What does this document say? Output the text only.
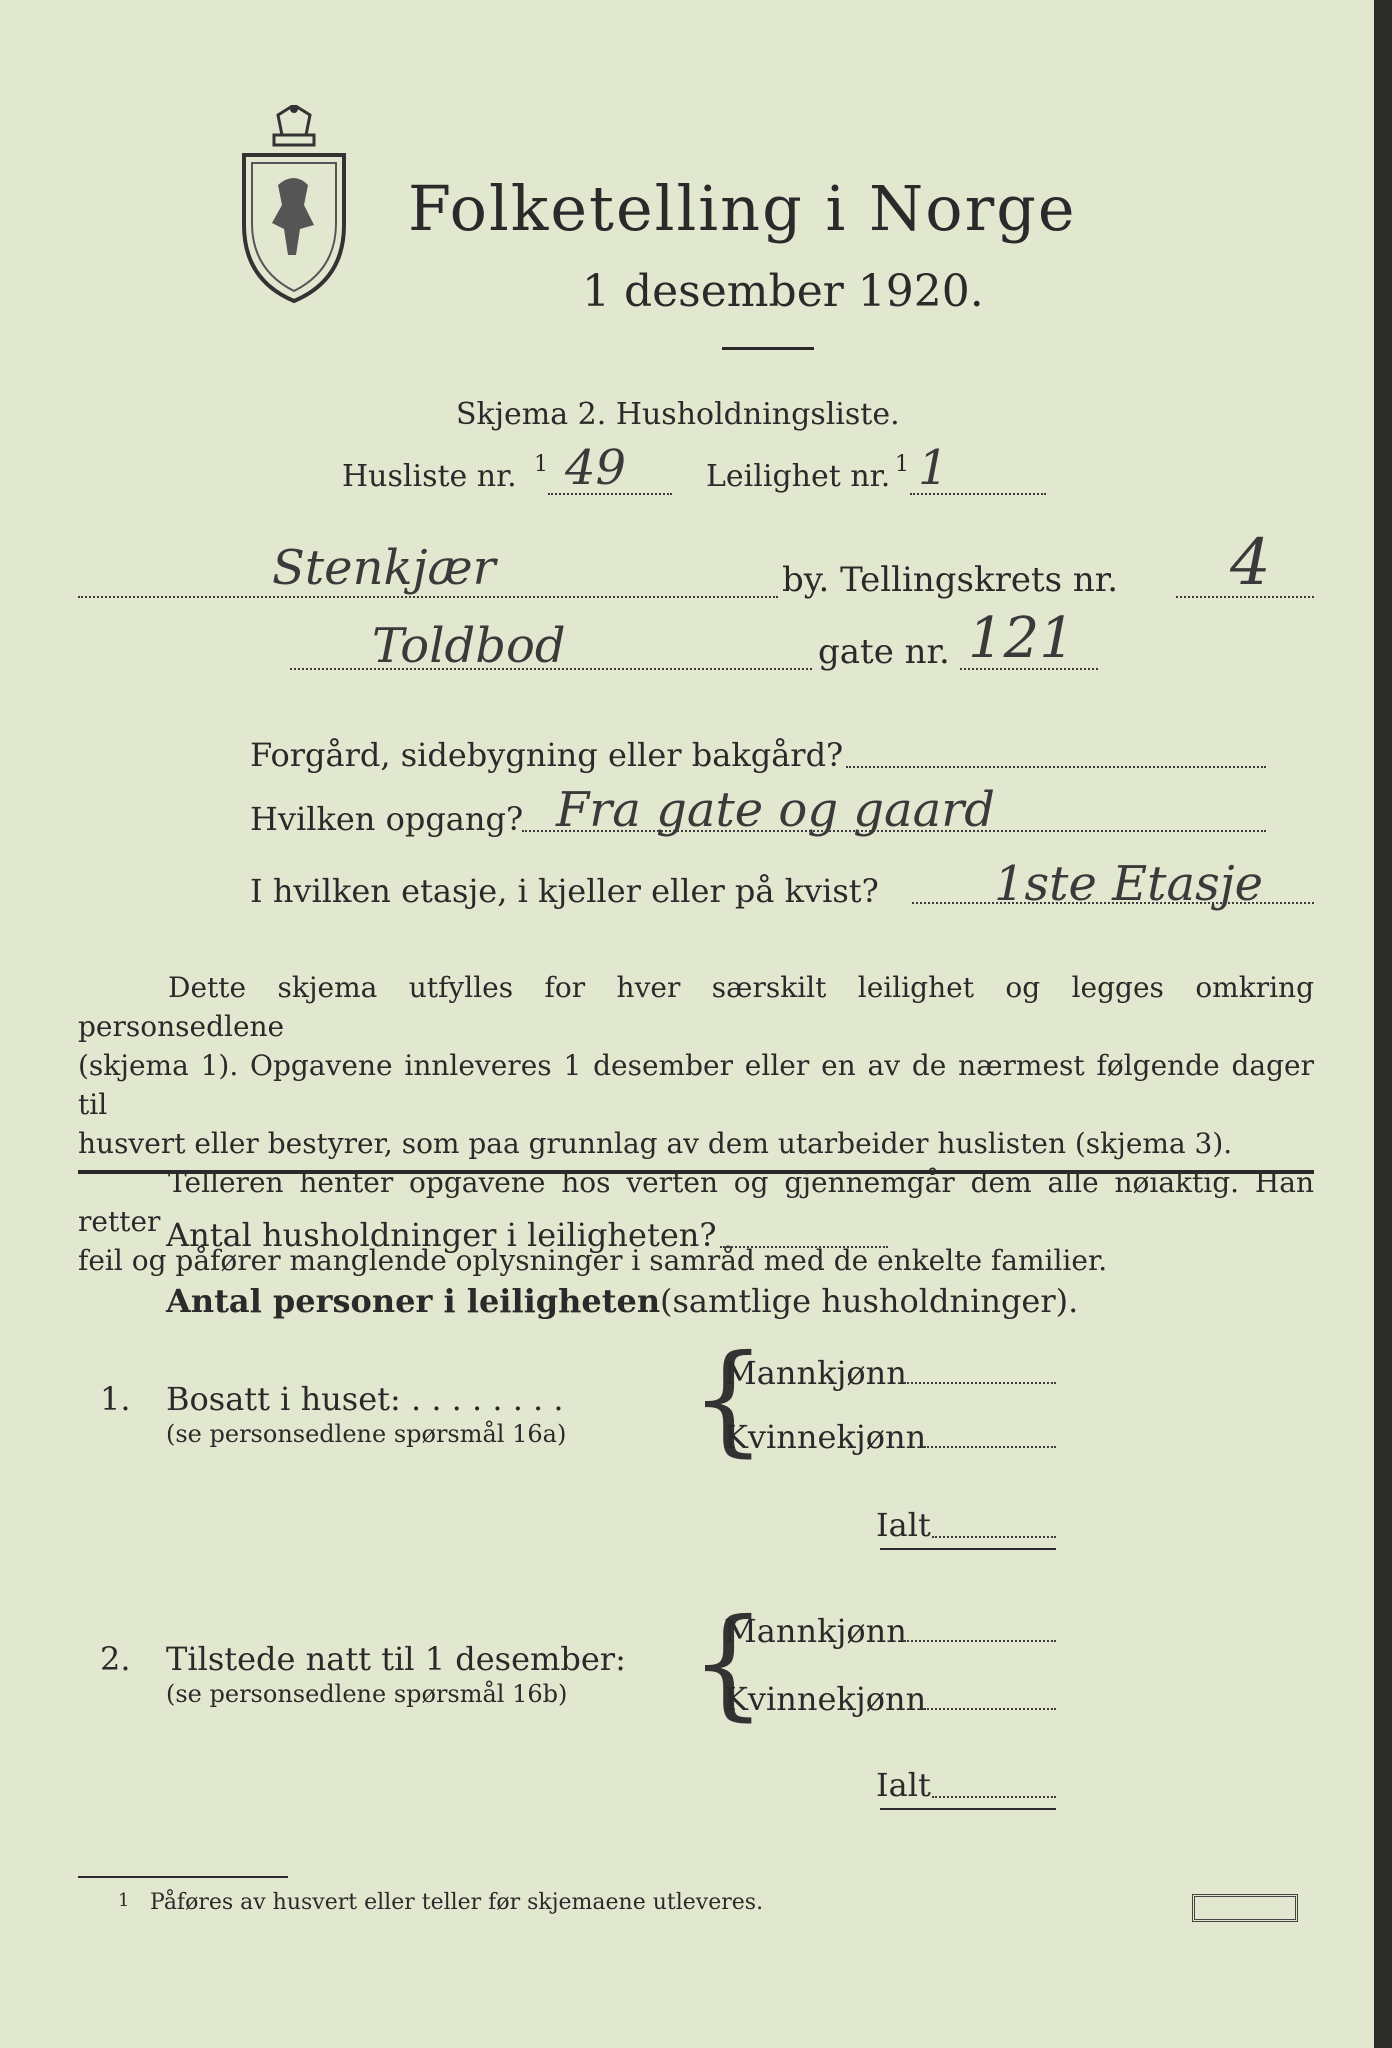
Folketelling i Norge
1 desember 1920.
Skjema 2. Husholdningsliste.
Husliste nr. 1 49	Leilighet nr. 1 1
Stenkjær	by. Tellingskrets nr. 4
Toldbod	gate nr. 121
Forgård, sidebygning eller bakgård?
Hvilken opgang? Fra gate og gaard
I hvilken etasje, i kjeller eller på kvist? 1ste Etasje
Dette skjema utfylles for hver særskilt leilighet og legges omkring personsedlene
(skjema 1). Opgavene innleveres 1 desember eller en av de nærmest følgende dager til
husvert eller bestyrer, som paa grunnlag av dem utarbeider huslisten (skjema 3).
Telleren henter opgavene hos verten og gjennemgår dem alle nøiaktig. Han retter
feil og påfører manglende oplysninger i samråd med de enkelte familier.
Antal husholdninger i leiligheten?
Antal personer i leiligheten (samtlige husholdninger).
1. Bosatt i huset: . . . . . . . .
(se personsedlene spørsmål 16a) {
Mannkjønn
Kvinnekjønn
Ialt
2. Tilstede natt til 1 desember:
(se personsedlene spørsmål 16b) {
Mannkjønn
Kvinnekjønn
Ialt
1 Påføres av husvert eller teller før skjemaene utleveres.
